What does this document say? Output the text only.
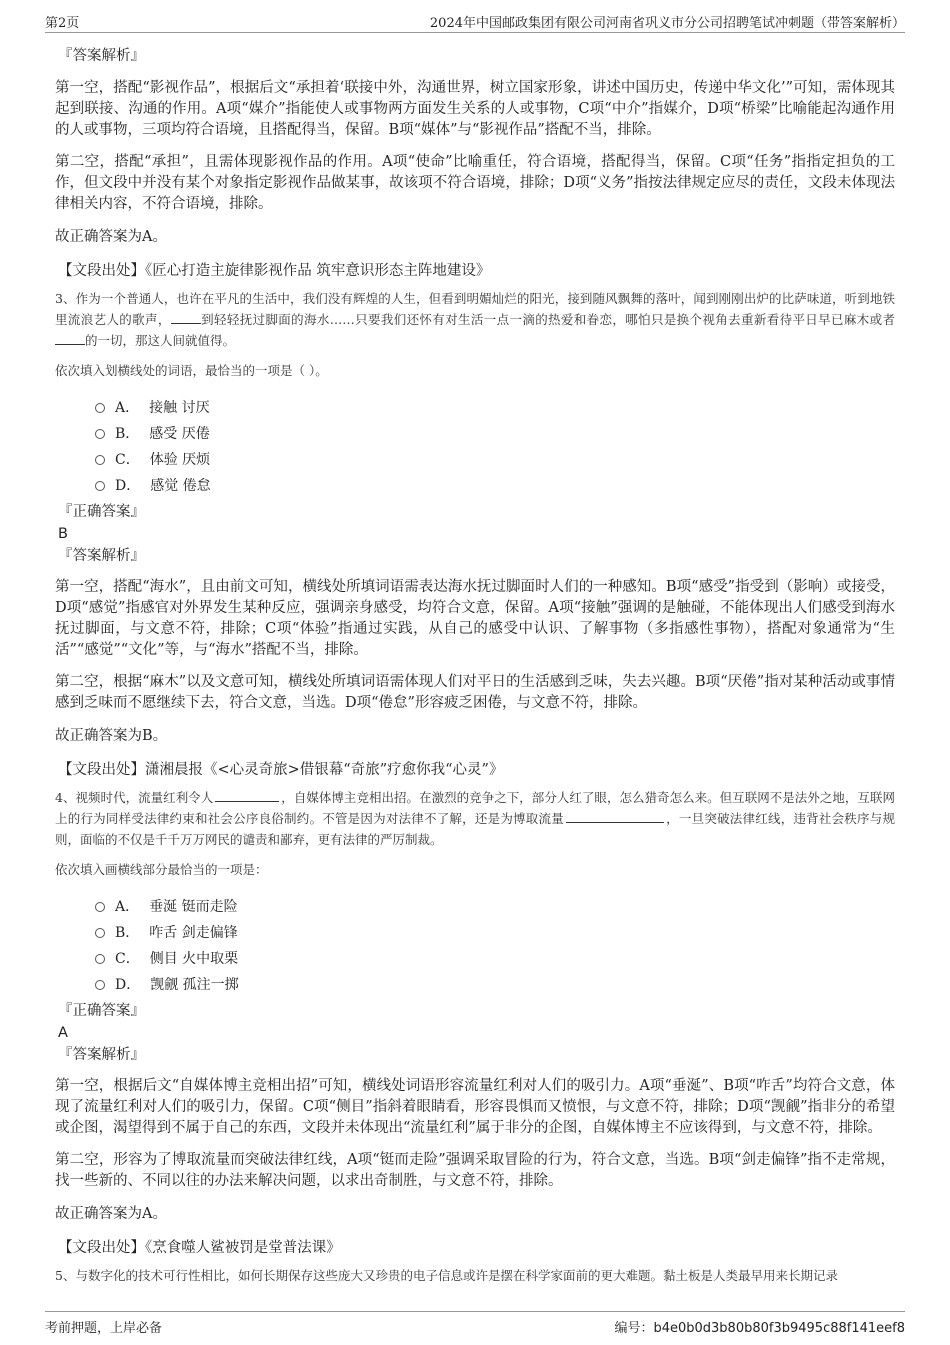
第2页	2024年中国邮政集团有限公司河南省巩义市分公司招聘笔试冲刺题（带答案解析）
『答案解析』

第一空，搭配“影视作品”，根据后文“承担着‘联接中外，沟通世界，树立国家形象，讲述中国历史，传递中华文化’”可知，需体现其起到联接、沟通的作用。A项“媒介”指能使人或事物两方面发生关系的人或事物，C项“中介”指媒介，D项“桥梁”比喻能起沟通作用的人或事物，三项均符合语境，且搭配得当，保留。B项“媒体”与“影视作品”搭配不当，排除。

第二空，搭配“承担”，且需体现影视作品的作用。A项“使命”比喻重任，符合语境，搭配得当，保留。C项“任务”指指定担负的工作，但文段中并没有某个对象指定影视作品做某事，故该项不符合语境，排除；D项“义务”指按法律规定应尽的责任，文段未体现法律相关内容，不符合语境，排除。

故正确答案为A。

【文段出处】《匠心打造主旋律影视作品 筑牢意识形态主阵地建设》

3、作为一个普通人，也许在平凡的生活中，我们没有辉煌的人生，但看到明媚灿烂的阳光，接到随风飘舞的落叶，闻到刚刚出炉的比萨味道，听到地铁里流浪艺人的歌声， 到轻轻抚过脚面的海水……只要我们还怀有对生活一点一滴的热爱和眷恋，哪怕只是换个视角去重新看待平日早已麻木或者的一切，那这人间就值得。

依次填入划横线处的词语，最恰当的一项是（ ）。

A． 接触 讨厌
B． 感受 厌倦
C． 体验 厌烦
D． 感觉 倦怠
『正确答案』
B
『答案解析』

第一空，搭配“海水”，且由前文可知，横线处所填词语需表达海水抚过脚面时人们的一种感知。B项“感受”指受到（影响）或接受，D项“感觉”指感官对外界发生某种反应，强调亲身感受，均符合文意，保留。A项“接触”强调的是触碰，不能体现出人们感受到海水抚过脚面，与文意不符，排除；C项“体验”指通过实践，从自己的感受中认识、了解事物（多指感性事物），搭配对象通常为“生活”“感觉”“文化”等，与“海水”搭配不当，排除。

第二空，根据“麻木”以及文意可知，横线处所填词语需体现人们对平日的生活感到乏味，失去兴趣。B项“厌倦”指对某种活动或事情感到乏味而不愿继续下去，符合文意，当选。D项“倦怠”形容疲乏困倦，与文意不符，排除。

故正确答案为B。

【文段出处】潇湘晨报《<心灵奇旅>借银幕“奇旅”疗愈你我“心灵”》

4、视频时代，流量红利令人	，自媒体博主竞相出招。在激烈的竞争之下，部分人红了眼，怎么猎奇怎么来。但互联网不是法外之地，互联网上的行为同样受法律约束和社会公序良俗制约。不管是因为对法律不了解，还是为博取流量	，一旦突破法律红线，违背社会秩序与规则，面临的不仅是千千万万网民的谴责和鄙弃，更有法律的严厉制裁。

依次填入画横线部分最恰当的一项是：

A． 垂涎 铤而走险
B． 咋舌 剑走偏锋
C． 侧目 火中取栗
D． 觊觎 孤注一掷
『正确答案』
A
『答案解析』

第一空，根据后文“自媒体博主竞相出招”可知，横线处词语形容流量红利对人们的吸引力。A项“垂涎”、B项“咋舌”均符合文意，体现了流量红利对人们的吸引力，保留。C项“侧目”指斜着眼睛看，形容畏惧而又愤恨，与文意不符，排除；D项“觊觎”指非分的希望或企图，渴望得到不属于自己的东西，文段并未体现出“流量红利”属于非分的企图，自媒体博主不应该得到，与文意不符，排除。

第二空，形容为了博取流量而突破法律红线，A项“铤而走险”强调采取冒险的行为，符合文意，当选。B项“剑走偏锋”指不走常规，找一些新的、不同以往的办法来解决问题，以求出奇制胜，与文意不符，排除。

故正确答案为A。

【文段出处】《烹食噬人鲨被罚是堂普法课》

5、与数字化的技术可行性相比，如何长期保存这些庞大又珍贵的电子信息或许是摆在科学家面前的更大难题。黏土板是人类最早用来长期记录

考前押题，上岸必备	编号：b4e0b0d3b80b80f3b9495c88f141eef8
